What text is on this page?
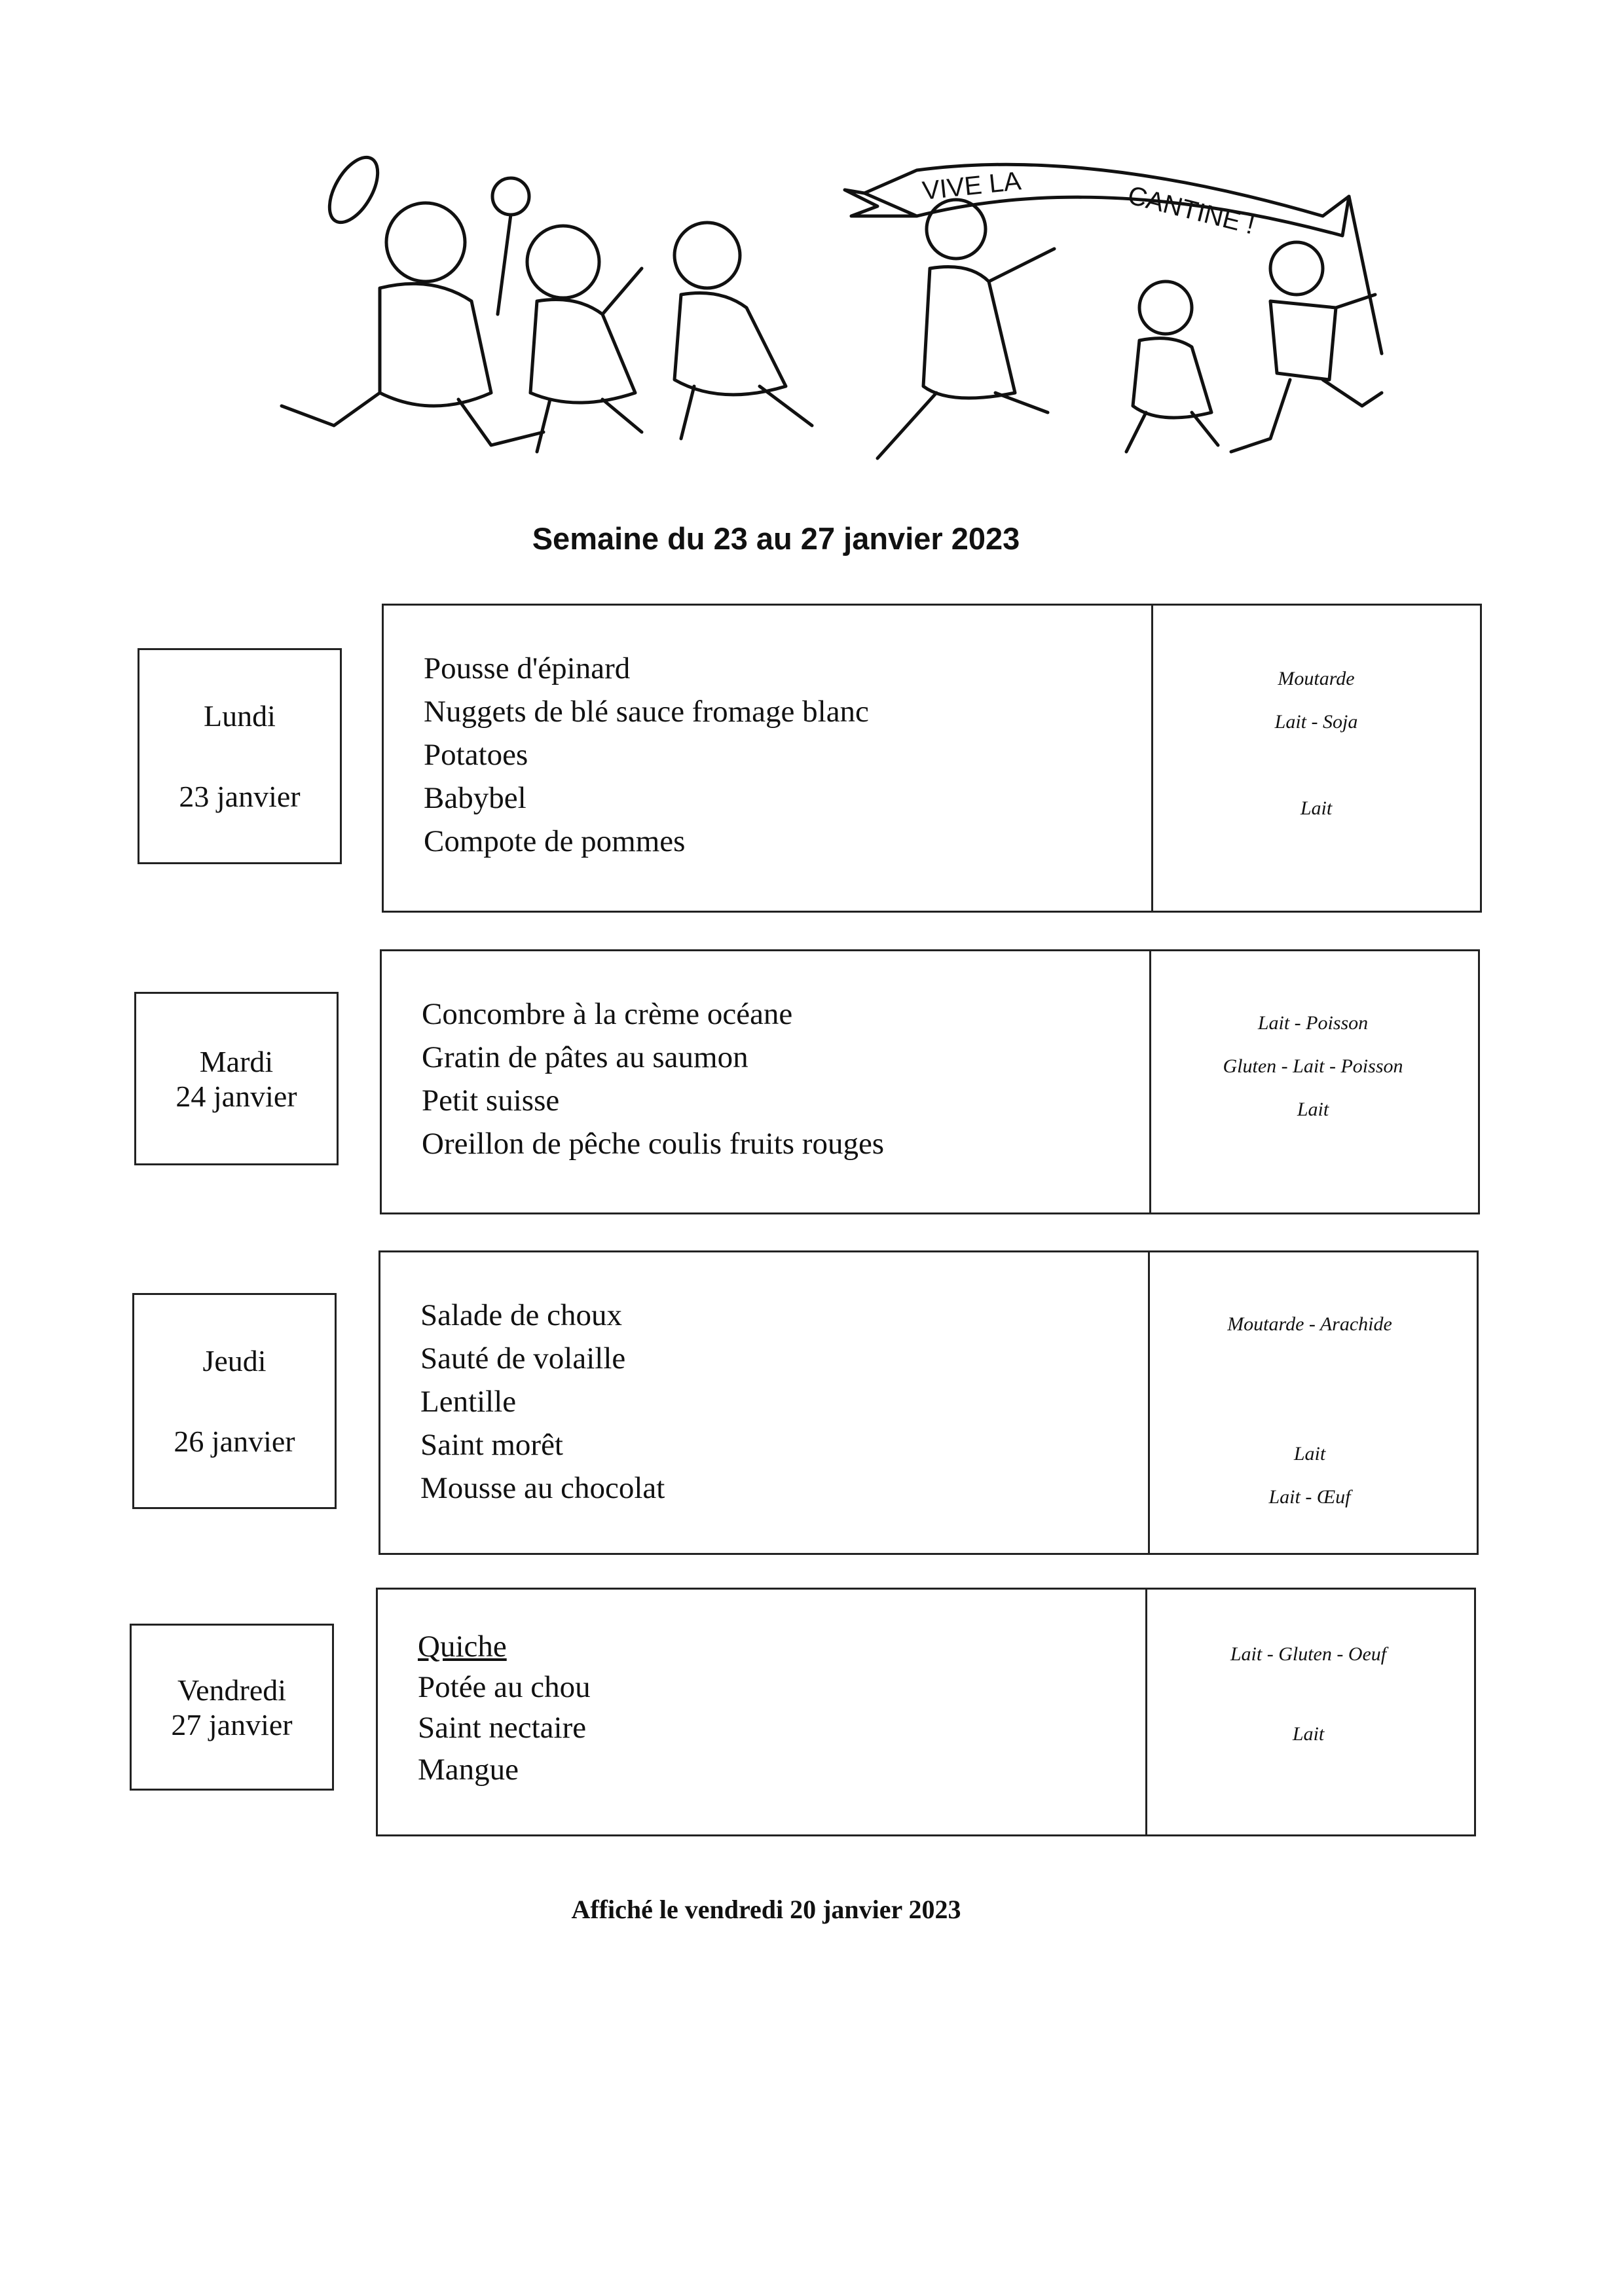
VIVE LA	CANTINE !
Semaine du 23 au 27 janvier 2023
Lundi
23 janvier
Pousse d'épinard
Nuggets de blé sauce fromage blanc
Potatoes
Babybel
Compote de pommes
Moutarde
Lait - Soja
Lait
Mardi
24 janvier
Concombre à la crème océane
Gratin de pâtes au saumon
Petit suisse
Oreillon de pêche coulis fruits rouges
Lait - Poisson
Gluten - Lait - Poisson
Lait
Jeudi
26 janvier
Salade de choux
Sauté de volaille
Lentille
Saint morêt
Mousse au chocolat
Moutarde - Arachide
Lait
Lait - Œuf
Vendredi
27 janvier
Quiche
Potée au chou
Saint nectaire
Mangue
Lait - Gluten - Oeuf
Lait
Affiché le vendredi 20 janvier 2023
